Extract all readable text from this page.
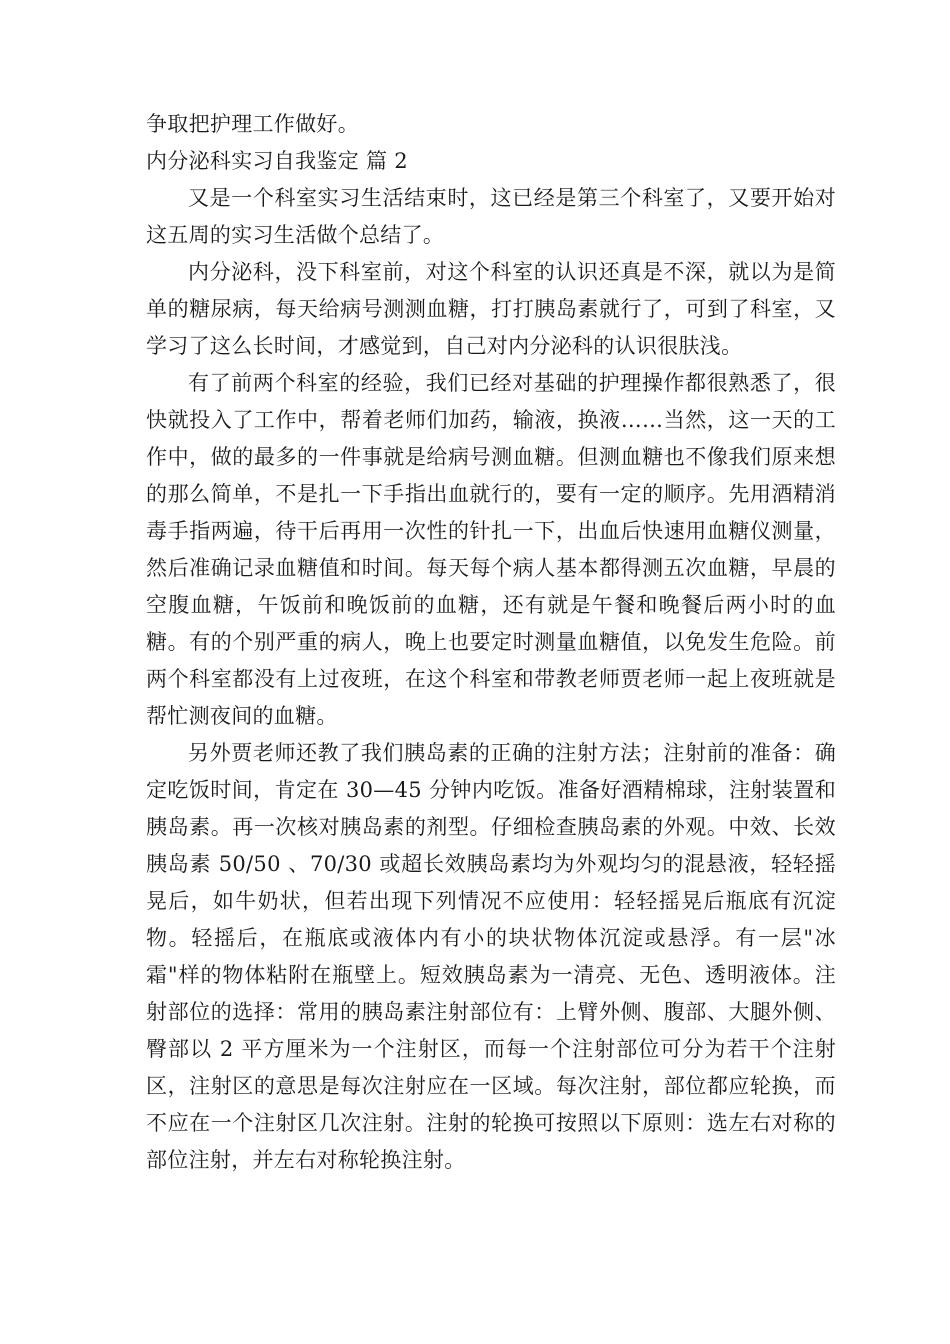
争取把护理工作做好。

内分泌科实习自我鉴定 篇 2

又是一个科室实习生活结束时，这已经是第三个科室了，又要开始对这五周的实习生活做个总结了。

内分泌科，没下科室前，对这个科室的认识还真是不深，就以为是简单的糖尿病，每天给病号测测血糖，打打胰岛素就行了，可到了科室，又学习了这么长时间，才感觉到，自己对内分泌科的认识很肤浅。

有了前两个科室的经验，我们已经对基础的护理操作都很熟悉了，很快就投入了工作中，帮着老师们加药，输液，换液……当然，这一天的工作中，做的最多的一件事就是给病号测血糖。但测血糖也不像我们原来想的那么简单，不是扎一下手指出血就行的，要有一定的顺序。先用酒精消毒手指两遍，待干后再用一次性的针扎一下，出血后快速用血糖仪测量，然后准确记录血糖值和时间。每天每个病人基本都得测五次血糖，早晨的空腹血糖，午饭前和晚饭前的血糖，还有就是午餐和晚餐后两小时的血糖。有的个别严重的病人，晚上也要定时测量血糖值，以免发生危险。前两个科室都没有上过夜班，在这个科室和带教老师贾老师一起上夜班就是帮忙测夜间的血糖。

另外贾老师还教了我们胰岛素的正确的注射方法；注射前的准备：确定吃饭时间，肯定在 30—45 分钟内吃饭。准备好酒精棉球，注射装置和胰岛素。再一次核对胰岛素的剂型。仔细检查胰岛素的外观。中效、长效胰岛素 50/50 、70/30 或超长效胰岛素均为外观均匀的混悬液，轻轻摇晃后，如牛奶状，但若出现下列情况不应使用：轻轻摇晃后瓶底有沉淀物。轻摇后，在瓶底或液体内有小的块状物体沉淀或悬浮。有一层"冰霜"样的物体粘附在瓶壁上。短效胰岛素为一清亮、无色、透明液体。注射部位的选择：常用的胰岛素注射部位有：上臂外侧、腹部、大腿外侧、臀部以 2 平方厘米为一个注射区，而每一个注射部位可分为若干个注射区，注射区的意思是每次注射应在一区域。每次注射，部位都应轮换，而不应在一个注射区几次注射。注射的轮换可按照以下原则：选左右对称的部位注射，并左右对称轮换注射。
